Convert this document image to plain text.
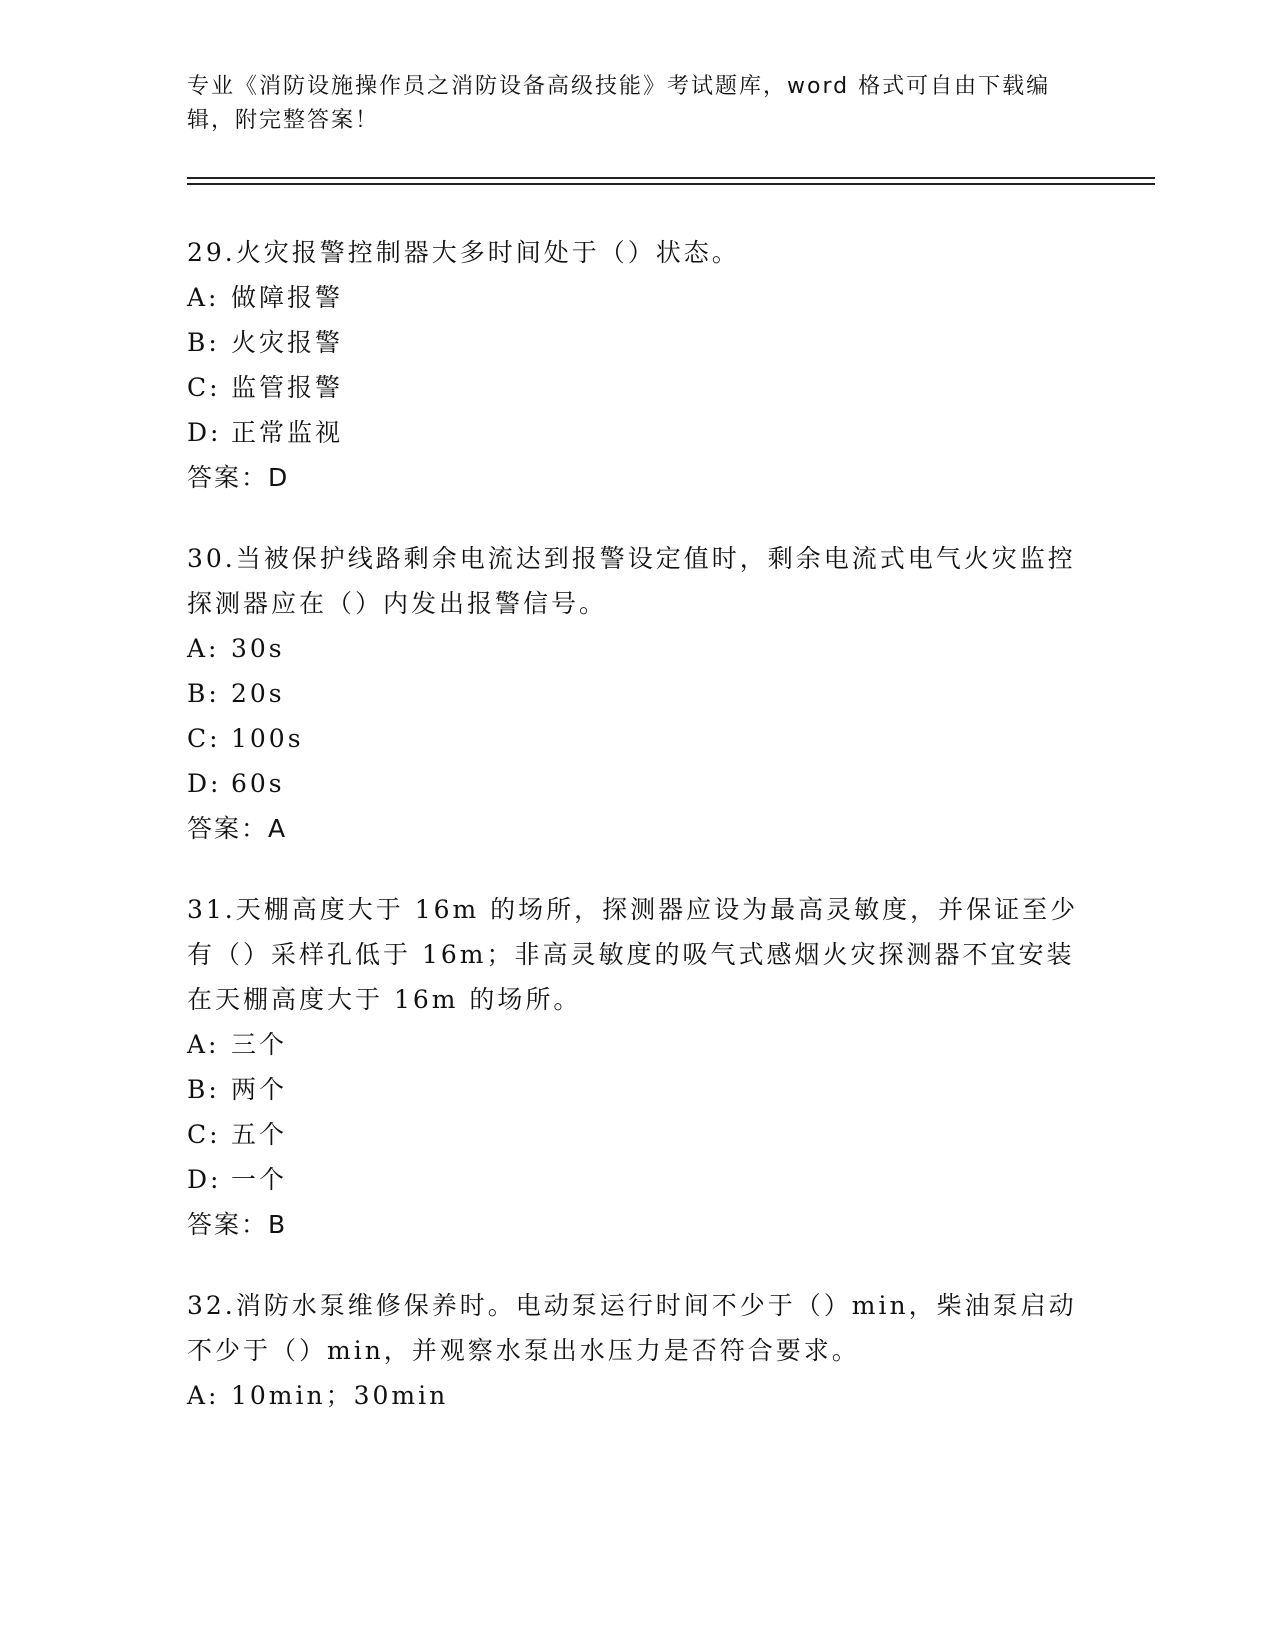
专业《消防设施操作员之消防设备高级技能》考试题库，word 格式可自由下载编辑，附完整答案！
29.火灾报警控制器大多时间处于（）状态。
A: 做障报警
B: 火灾报警
C: 监管报警
D: 正常监视
答案：D
30.当被保护线路剩余电流达到报警设定值时，剩余电流式电气火灾监控探测器应在（）内发出报警信号。
A: 30s
B: 20s
C: 100s
D: 60s
答案：A
31.天棚高度大于 16m 的场所，探测器应设为最高灵敏度，并保证至少有（）采样孔低于 16m；非高灵敏度的吸气式感烟火灾探测器不宜安装在天棚高度大于 16m 的场所。
A: 三个
B: 两个
C: 五个
D: 一个
答案：B
32.消防水泵维修保养时。电动泵运行时间不少于（）min，柴油泵启动不少于（）min，并观察水泵出水压力是否符合要求。
A: 10min；30min
